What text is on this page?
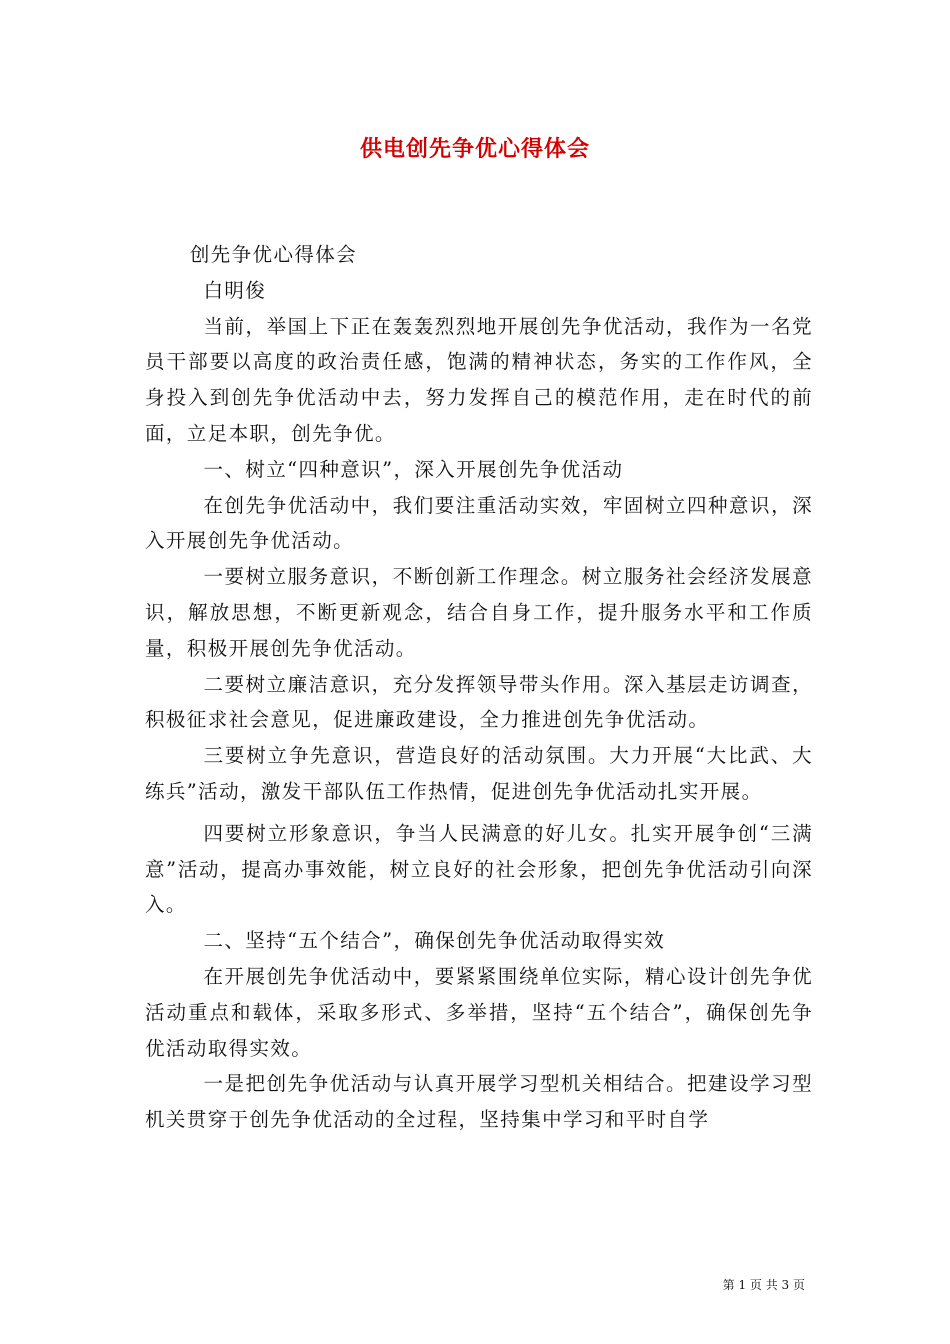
供电创先争优心得体会

创先争优心得体会

白明俊

当前，举国上下正在轰轰烈烈地开展创先争优活动，我作为一名党员干部要以高度的政治责任感，饱满的精神状态，务实的工作作风，全身投入到创先争优活动中去，努力发挥自己的模范作用，走在时代的前面，立足本职，创先争优。

一、树立“四种意识”，深入开展创先争优活动

在创先争优活动中，我们要注重活动实效，牢固树立四种意识，深入开展创先争优活动。

一要树立服务意识，不断创新工作理念。树立服务社会经济发展意识，解放思想，不断更新观念，结合自身工作，提升服务水平和工作质量，积极开展创先争优活动。

二要树立廉洁意识，充分发挥领导带头作用。深入基层走访调查，积极征求社会意见，促进廉政建设，全力推进创先争优活动。

三要树立争先意识，营造良好的活动氛围。大力开展“大比武、大练兵”活动，激发干部队伍工作热情，促进创先争优活动扎实开展。

四要树立形象意识，争当人民满意的好儿女。扎实开展争创“三满意”活动，提高办事效能，树立良好的社会形象，把创先争优活动引向深入。

二、坚持“五个结合”，确保创先争优活动取得实效

在开展创先争优活动中，要紧紧围绕单位实际，精心设计创先争优活动重点和载体，采取多形式、多举措，坚持“五个结合”，确保创先争优活动取得实效。

一是把创先争优活动与认真开展学习型机关相结合。把建设学习型机关贯穿于创先争优活动的全过程，坚持集中学习和平时自学

第 1 页 共 3 页
